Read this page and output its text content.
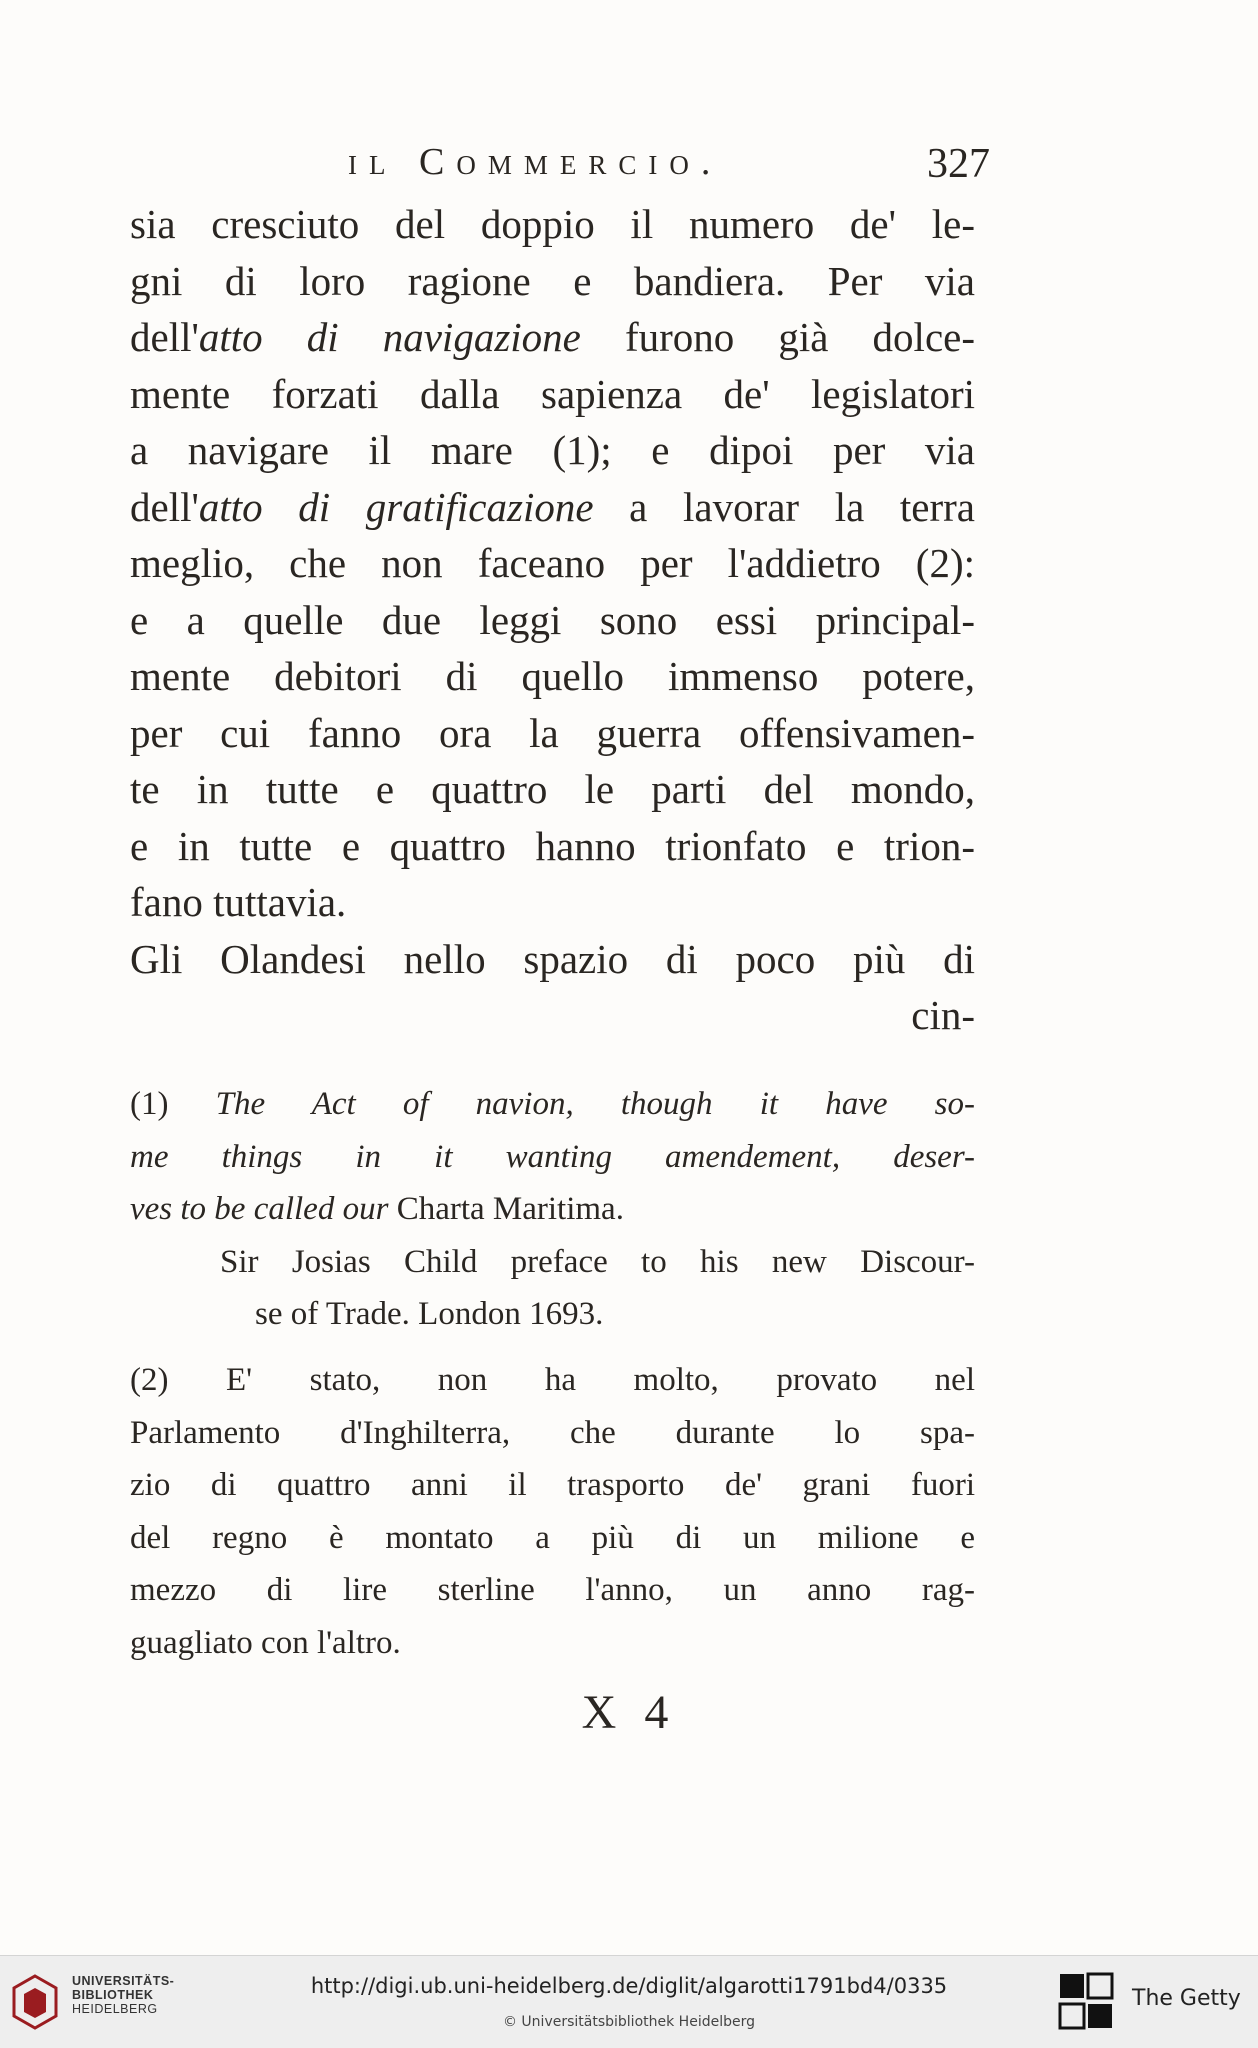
il Commercio.	327
sia cresciuto del doppio il numero de' le-
gni di loro ragione e bandiera. Per via
dell'atto di navigazione furono già dolce-
mente forzati dalla sapienza de' legislatori
a navigare il mare (1); e dipoi per via
dell'atto di gratificazione a lavorar la terra
meglio, che non faceano per l'addietro (2):
e a quelle due leggi sono essi principal-
mente debitori di quello immenso potere,
per cui fanno ora la guerra offensivamen-
te in tutte e quattro le parti del mondo,
e in tutte e quattro hanno trionfato e trion-
fano tuttavia.
Gli Olandesi nello spazio di poco più di
cin-
(1) The Act of navion, though it have so-
me things in it wanting amendement, deser-
ves to be called our Charta Maritima.
Sir Josias Child preface to his new Discour-
se of Trade. London 1693.
(2) E' stato, non ha molto, provato nel
Parlamento d'Inghilterra, che durante lo spa-
zio di quattro anni il trasporto de' grani fuori
del regno è montato a più di un milione e
mezzo di lire sterline l'anno, un anno rag-
guagliato con l'altro.
X 4
UNIVERSITÄTS-
BIBLIOTHEK
HEIDELBERG
http://digi.ub.uni-heidelberg.de/diglit/algarotti1791bd4/0335
© Universitätsbibliothek Heidelberg
The Getty
